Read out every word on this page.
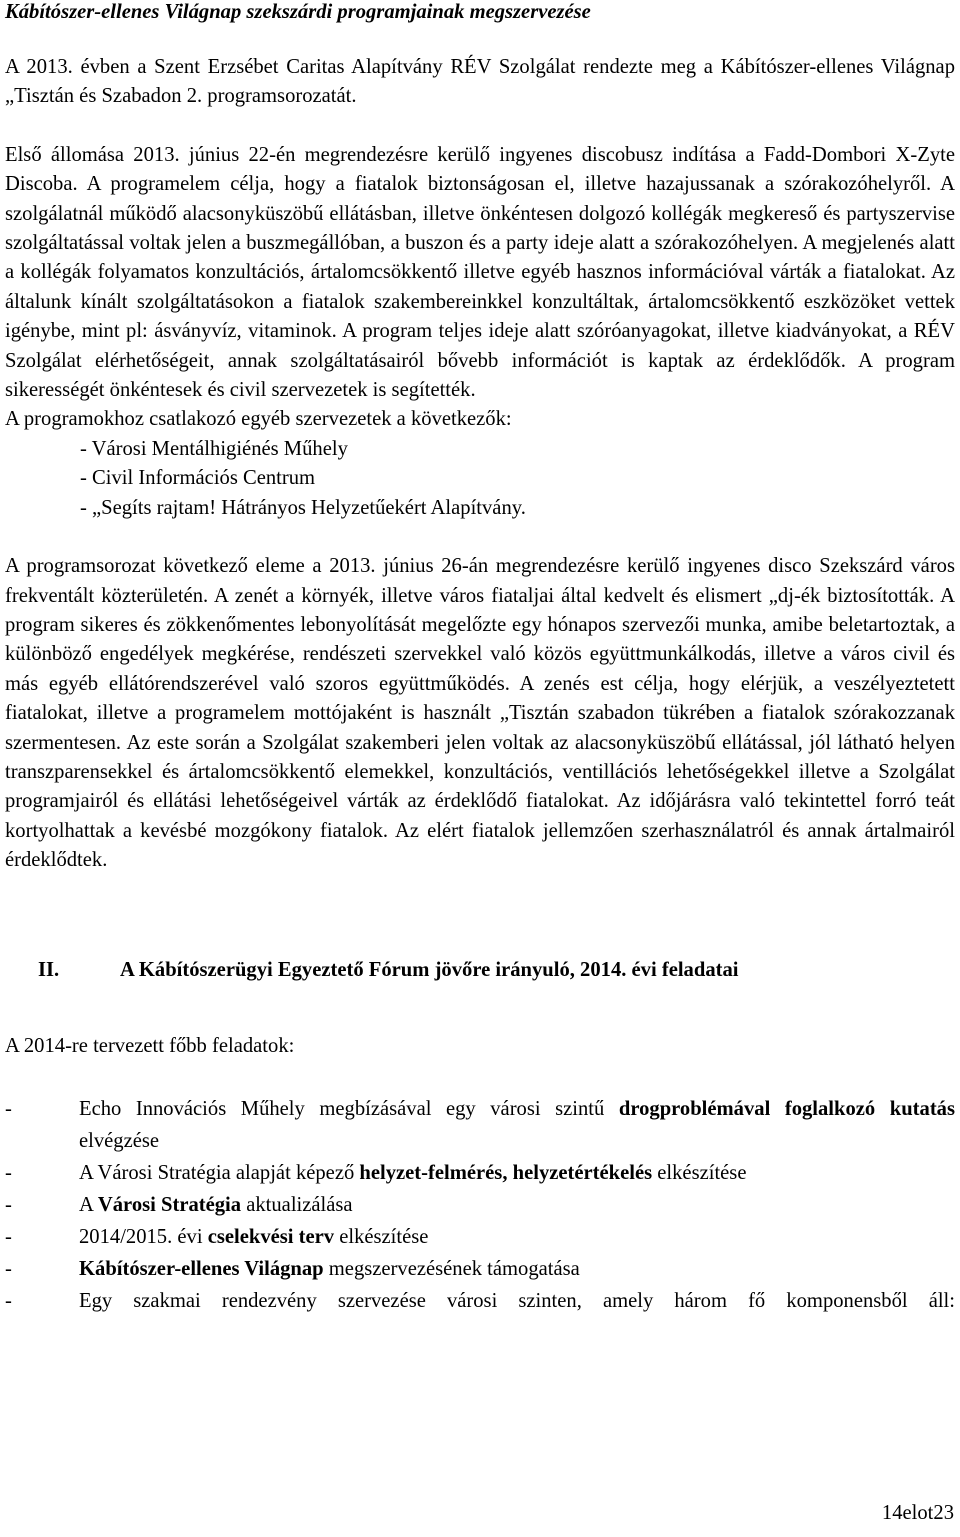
Kábítószer-ellenes Világnap szekszárdi programjainak megszervezése

A 2013. évben a Szent Erzsébet Caritas Alapítvány RÉV Szolgálat rendezte meg a Kábítószer-ellenes Világnap „Tisztán és Szabadon 2. programsorozatát.

Első állomása 2013. június 22-én megrendezésre kerülő ingyenes discobusz indítása a Fadd-Dombori X-Zyte Discoba. A programelem célja, hogy a fiatalok biztonságosan el, illetve hazajussanak a szórakozóhelyről. A szolgálatnál működő alacsonyküszöbű ellátásban, illetve önkéntesen dolgozó kollégák megkereső és partyszervise szolgáltatással voltak jelen a buszmegállóban, a buszon és a party ideje alatt a szórakozóhelyen. A megjelenés alatt a kollégák folyamatos konzultációs, ártalomcsökkentő illetve egyéb hasznos információval várták a fiatalokat. Az általunk kínált szolgáltatásokon a fiatalok szakembereinkkel konzultáltak, ártalomcsökkentő eszközöket vettek igénybe, mint pl: ásványvíz, vitaminok. A program teljes ideje alatt szóróanyagokat, illetve kiadványokat, a RÉV Szolgálat elérhetőségeit, annak szolgáltatásairól bővebb információt is kaptak az érdeklődők. A program sikerességét önkéntesek és civil szervezetek is segítették.

A programokhoz csatlakozó egyéb szervezetek a következők:

- Városi Mentálhigiénés Műhely
- Civil Információs Centrum
- „Segíts rajtam! Hátrányos Helyzetűekért Alapítvány.

A programsorozat következő eleme a 2013. június 26-án megrendezésre kerülő ingyenes disco Szekszárd város frekventált közterületén. A zenét a környék, illetve város fiataljai által kedvelt és elismert „dj-ék biztosították. A program sikeres és zökkenőmentes lebonyolítását megelőzte egy hónapos szervezői munka, amibe beletartoztak, a különböző engedélyek megkérése, rendészeti szervekkel való közös együttmunkálkodás, illetve a város civil és más egyéb ellátórendszerével való szoros együttműködés. A zenés est célja, hogy elérjük, a veszélyeztetett fiatalokat, illetve a programelem mottójaként is használt „Tisztán szabadon tükrében a fiatalok szórakozzanak szermentesen. Az este során a Szolgálat szakemberi jelen voltak az alacsonyküszöbű ellátással, jól látható helyen transzparensekkel és ártalomcsökkentő elemekkel, konzultációs, ventillációs lehetőségekkel illetve a Szolgálat programjairól és ellátási lehetőségeivel várták az érdeklődő fiatalokat. Az időjárásra való tekintettel forró teát kortyolhattak a kevésbé mozgókony fiatalok. Az elért fiatalok jellemzően szerhasználatról és annak ártalmairól érdeklődtek.

II.	A Kábítószerügyi Egyeztető Fórum jövőre irányuló, 2014. évi feladatai

A 2014-re tervezett főbb feladatok:

-	Echo Innovációs Műhely megbízásával egy városi szintű drogproblémával foglalkozó kutatás elvégzése
-	A Városi Stratégia alapját képező helyzet-felmérés, helyzetértékelés elkészítése
-	A Városi Stratégia aktualizálása
-	2014/2015. évi cselekvési terv elkészítése
-	Kábítószer-ellenes Világnap megszervezésének támogatása
-	Egy szakmai rendezvény szervezése városi szinten, amely három fő komponensből áll:
14elot23
